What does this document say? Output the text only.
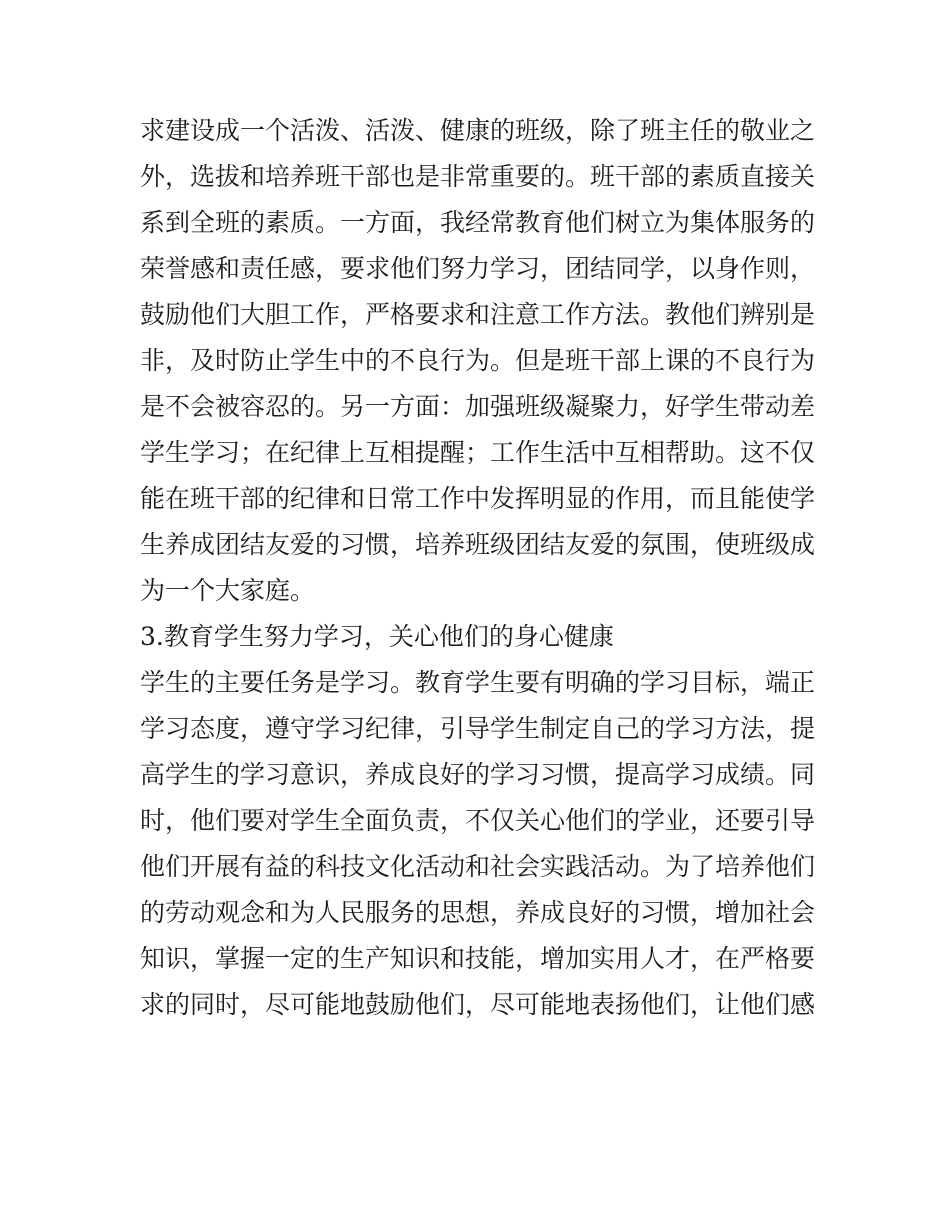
求建设成一个活泼、活泼、健康的班级，除了班主任的敬业之
外，选拔和培养班干部也是非常重要的。班干部的素质直接关
系到全班的素质。一方面，我经常教育他们树立为集体服务的
荣誉感和责任感，要求他们努力学习，团结同学，以身作则，
鼓励他们大胆工作，严格要求和注意工作方法。教他们辨别是
非，及时防止学生中的不良行为。但是班干部上课的不良行为
是不会被容忍的。另一方面：加强班级凝聚力，好学生带动差
学生学习；在纪律上互相提醒；工作生活中互相帮助。这不仅
能在班干部的纪律和日常工作中发挥明显的作用，而且能使学
生养成团结友爱的习惯，培养班级团结友爱的氛围，使班级成
为一个大家庭。
3.教育学生努力学习，关心他们的身心健康
学生的主要任务是学习。教育学生要有明确的学习目标，端正
学习态度，遵守学习纪律，引导学生制定自己的学习方法，提
高学生的学习意识，养成良好的学习习惯，提高学习成绩。同
时，他们要对学生全面负责，不仅关心他们的学业，还要引导
他们开展有益的科技文化活动和社会实践活动。为了培养他们
的劳动观念和为人民服务的思想，养成良好的习惯，增加社会
知识，掌握一定的生产知识和技能，增加实用人才，在严格要
求的同时，尽可能地鼓励他们，尽可能地表扬他们，让他们感
